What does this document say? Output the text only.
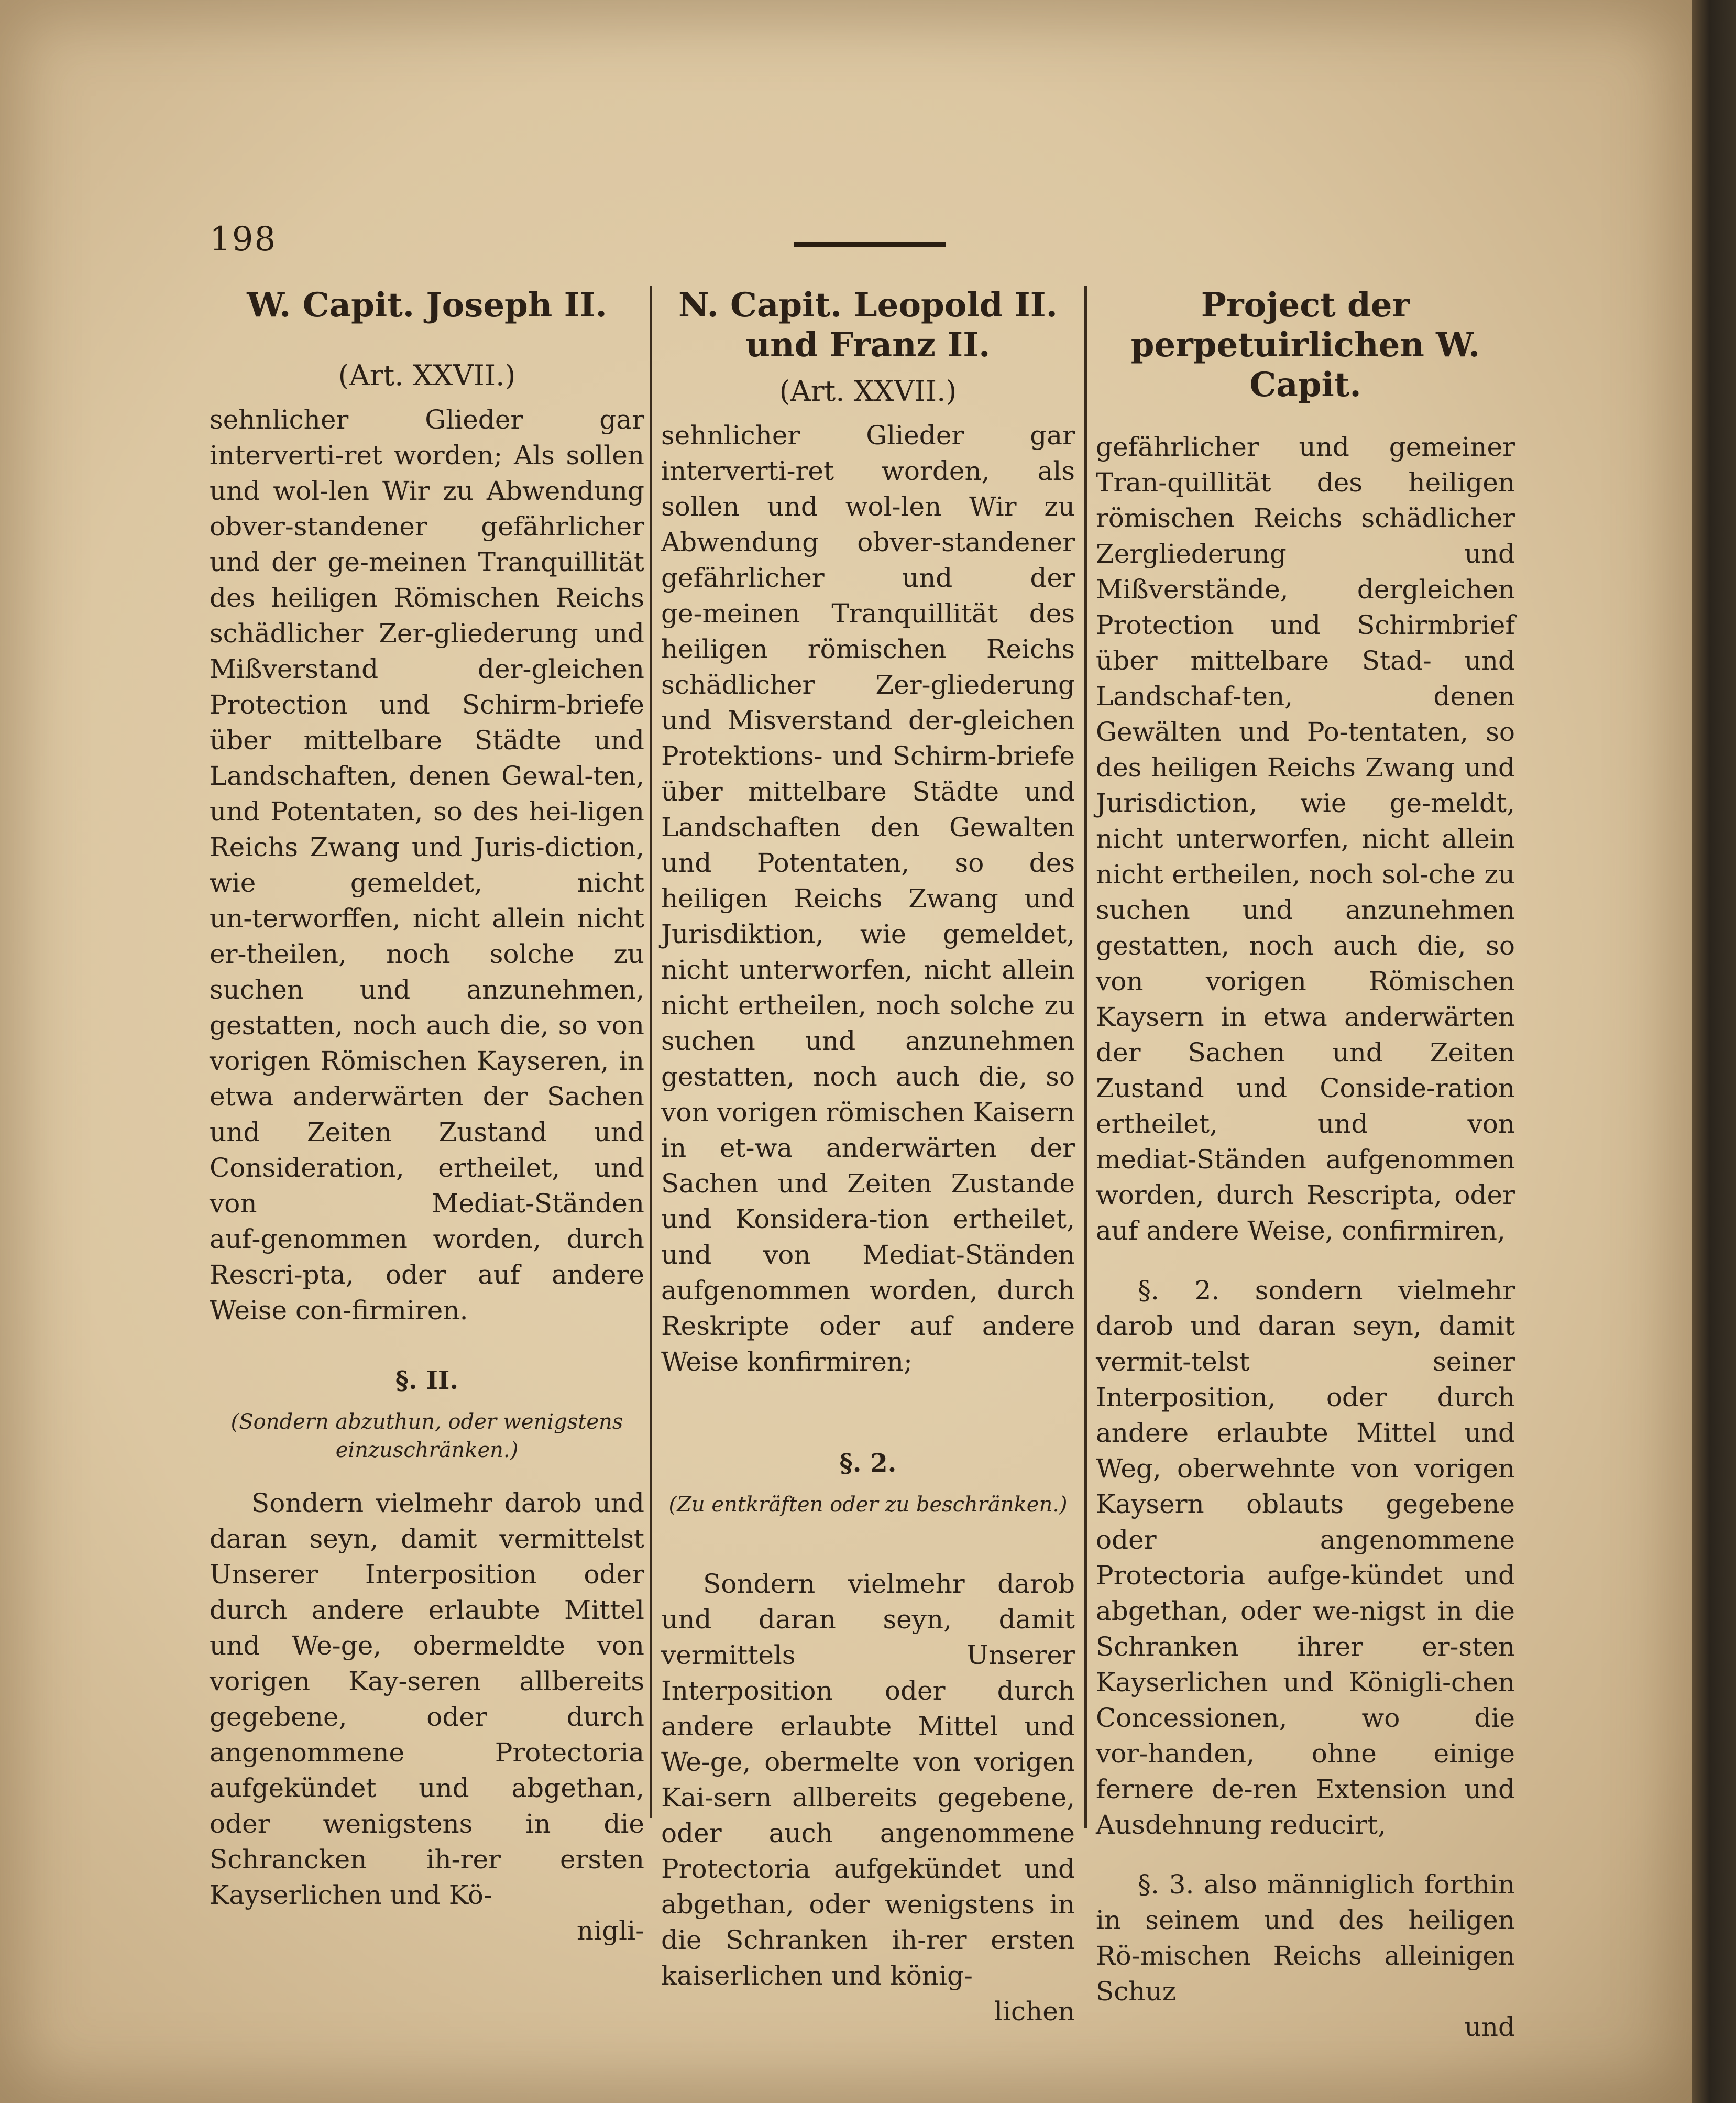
198
W. Capit. Joseph II.
(Art. XXVII.)

sehnlicher Glieder gar interverti‑ret worden; Als sollen und wol‑len Wir zu Abwendung obver‑standener gefährlicher und der ge‑meinen Tranquillität des heiligen Römischen Reichs schädlicher Zer‑gliederung und Mißverstand der‑gleichen Protection und Schirm‑briefe über mittelbare Städte und Landschaften, denen Gewal‑ten, und Potentaten, so des hei‑ligen Reichs Zwang und Juris‑diction, wie gemeldet, nicht un‑terworffen, nicht allein nicht er‑theilen, noch solche zu suchen und anzunehmen, gestatten, noch auch die, so von vorigen Römischen Kayseren, in etwa anderwärten der Sachen und Zeiten Zustand und Consideration, ertheilet, und von Mediat‑Ständen auf‑genommen worden, durch Rescri‑pta, oder auf andere Weise con‑firmiren.

§. II.
(Sondern abzuthun, oder wenigstens einzuschränken.)

Sondern vielmehr darob und daran seyn, damit vermittelst Unserer Interposition oder durch andere erlaubte Mittel und We‑ge, obermeldte von vorigen Kay‑seren allbereits gegebene, oder durch angenommene Protectoria aufgekündet und abgethan, oder wenigstens in die Schrancken ih‑rer ersten Kayserlichen und Kö‑

nigli‑

N. Capit. Leopold II. und Franz II.
(Art. XXVII.)

sehnlicher Glieder gar interverti‑ret worden, als sollen und wol‑len Wir zu Abwendung obver‑standener gefährlicher und der ge‑meinen Tranquillität des heiligen römischen Reichs schädlicher Zer‑gliederung und Misverstand der‑gleichen Protektions‑ und Schirm‑briefe über mittelbare Städte und Landschaften den Gewalten und Potentaten, so des heiligen Reichs Zwang und Jurisdiktion, wie gemeldet, nicht unterworfen, nicht allein nicht ertheilen, noch solche zu suchen und anzunehmen gestatten, noch auch die, so von vorigen römischen Kaisern in et‑wa anderwärten der Sachen und Zeiten Zustande und Konsidera‑tion ertheilet, und von Mediat‑Ständen aufgenommen worden, durch Reskripte oder auf andere Weise konfirmiren;

§. 2.
(Zu entkräften oder zu beschränken.)

Sondern vielmehr darob und daran seyn, damit vermittels Unserer Interposition oder durch andere erlaubte Mittel und We‑ge, obermelte von vorigen Kai‑sern allbereits gegebene, oder auch angenommene Protectoria aufgekündet und abgethan, oder wenigstens in die Schranken ih‑rer ersten kaiserlichen und könig‑

lichen

Project der perpetuirlichen W. Capit.

gefährlicher und gemeiner Tran‑quillität des heiligen römischen Reichs schädlicher Zergliederung und Mißverstände, dergleichen Protection und Schirmbrief über mittelbare Stad‑ und Landschaf‑ten, denen Gewälten und Po‑tentaten, so des heiligen Reichs Zwang und Jurisdiction, wie ge‑meldt, nicht unterworfen, nicht allein nicht ertheilen, noch sol‑che zu suchen und anzunehmen gestatten, noch auch die, so von vorigen Römischen Kaysern in etwa anderwärten der Sachen und Zeiten Zustand und Conside‑ration ertheilet, und von mediat‑Ständen aufgenommen worden, durch Rescripta, oder auf andere Weise, confirmiren,

§. 2. sondern vielmehr darob und daran seyn, damit vermit‑telst seiner Interposition, oder durch andere erlaubte Mittel und Weg, oberwehnte von vorigen Kaysern oblauts gegebene oder angenommene Protectoria aufge‑kündet und abgethan, oder we‑nigst in die Schranken ihrer er‑sten Kayserlichen und Königli‑chen Concessionen, wo die vor‑handen, ohne einige fernere de‑ren Extension und Ausdehnung reducirt,

§. 3. also männiglich forthin in seinem und des heiligen Rö‑mischen Reichs alleinigen Schuz

und
